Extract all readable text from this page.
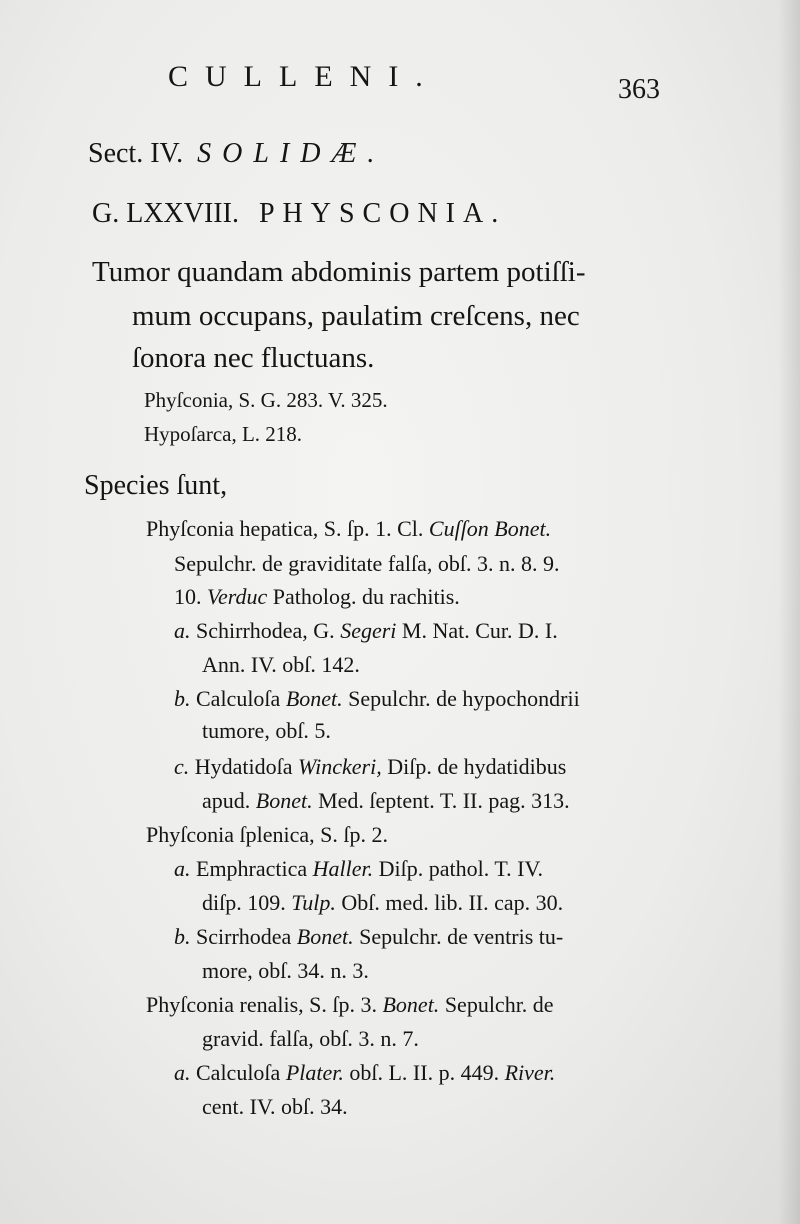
CULLENI.	363
Sect. IV. SOLIDÆ.
G. LXXVIII. PHYSCONIA.
Tumor quandam abdominis partem potiſſi-
mum occupans, paulatim creſcens, nec
ſonora nec fluctuans.
Phyſconia, S. G. 283. V. 325.
Hypoſarca, L. 218.
Species ſunt,
Phyſconia hepatica, S. ſp. 1. Cl. Cuſſon Bonet.
Sepulchr. de graviditate falſa, obſ. 3. n. 8. 9.
10. Verduc Patholog. du rachitis.
a. Schirrhodea, G. Segeri M. Nat. Cur. D. I.
Ann. IV. obſ. 142.
b. Calculoſa Bonet. Sepulchr. de hypochondrii
tumore, obſ. 5.
c. Hydatidoſa Winckeri, Diſp. de hydatidibus
apud. Bonet. Med. ſeptent. T. II. pag. 313.
Phyſconia ſplenica, S. ſp. 2.
a. Emphractica Haller. Diſp. pathol. T. IV.
diſp. 109. Tulp. Obſ. med. lib. II. cap. 30.
b. Scirrhodea Bonet. Sepulchr. de ventris tu-
more, obſ. 34. n. 3.
Phyſconia renalis, S. ſp. 3. Bonet. Sepulchr. de
gravid. falſa, obſ. 3. n. 7.
a. Calculoſa Plater. obſ. L. II. p. 449. River.
cent. IV. obſ. 34.
